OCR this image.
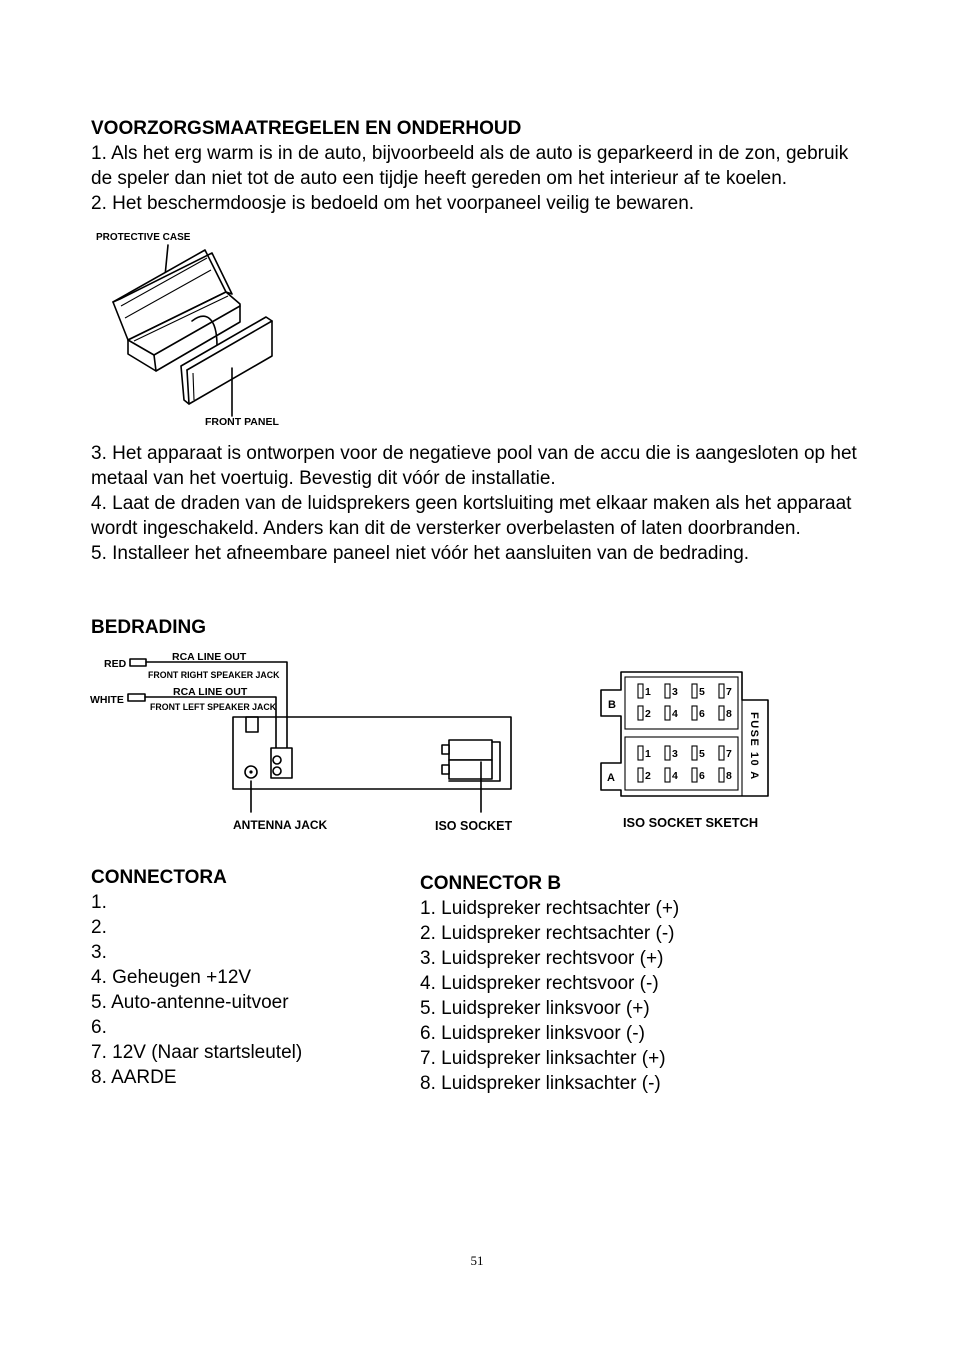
VOORZORGSMAATREGELEN EN ONDERHOUD
1. Als het erg warm is in de auto, bijvoorbeeld als de auto is geparkeerd in de zon, gebruik
de speler dan niet tot de auto een tijdje heeft gereden om het interieur af te koelen.
2. Het beschermdoosje is bedoeld om het voorpaneel veilig te bewaren.
PROTECTIVE CASE
FRONT PANEL
3. Het apparaat is ontworpen voor de negatieve pool van de accu die is aangesloten op het
metaal van het voertuig. Bevestig dit vóór de installatie.
4. Laat de draden van de luidsprekers geen kortsluiting met elkaar maken als het apparaat
wordt ingeschakeld. Anders kan dit de versterker overbelasten of laten doorbranden.
5. Installeer het afneembare paneel niet vóór het aansluiten van de bedrading.
BEDRADING
RED
RCA LINE OUT
FRONT RIGHT SPEAKER JACK
WHITE
RCA LINE OUT
FRONT LEFT SPEAKER JACK
ANTENNA JACK	ISO SOCKET
B
A
1 3 5 7
2 4 6 8
1 3 5 7
2 4 6 8 FUSE 10 A
ISO SOCKET SKETCH
CONNECTORA
1.
2.
3.
4. Geheugen +12V
5. Auto-antenne-uitvoer
6.
7. 12V (Naar startsleutel)
8. AARDE
CONNECTOR B
1. Luidspreker rechtsachter (+)
2. Luidspreker rechtsachter (-)
3. Luidspreker rechtsvoor (+)
4. Luidspreker rechtsvoor (-)
5. Luidspreker linksvoor (+)
6. Luidspreker linksvoor (-)
7. Luidspreker linksachter (+)
8. Luidspreker linksachter (-)
51
